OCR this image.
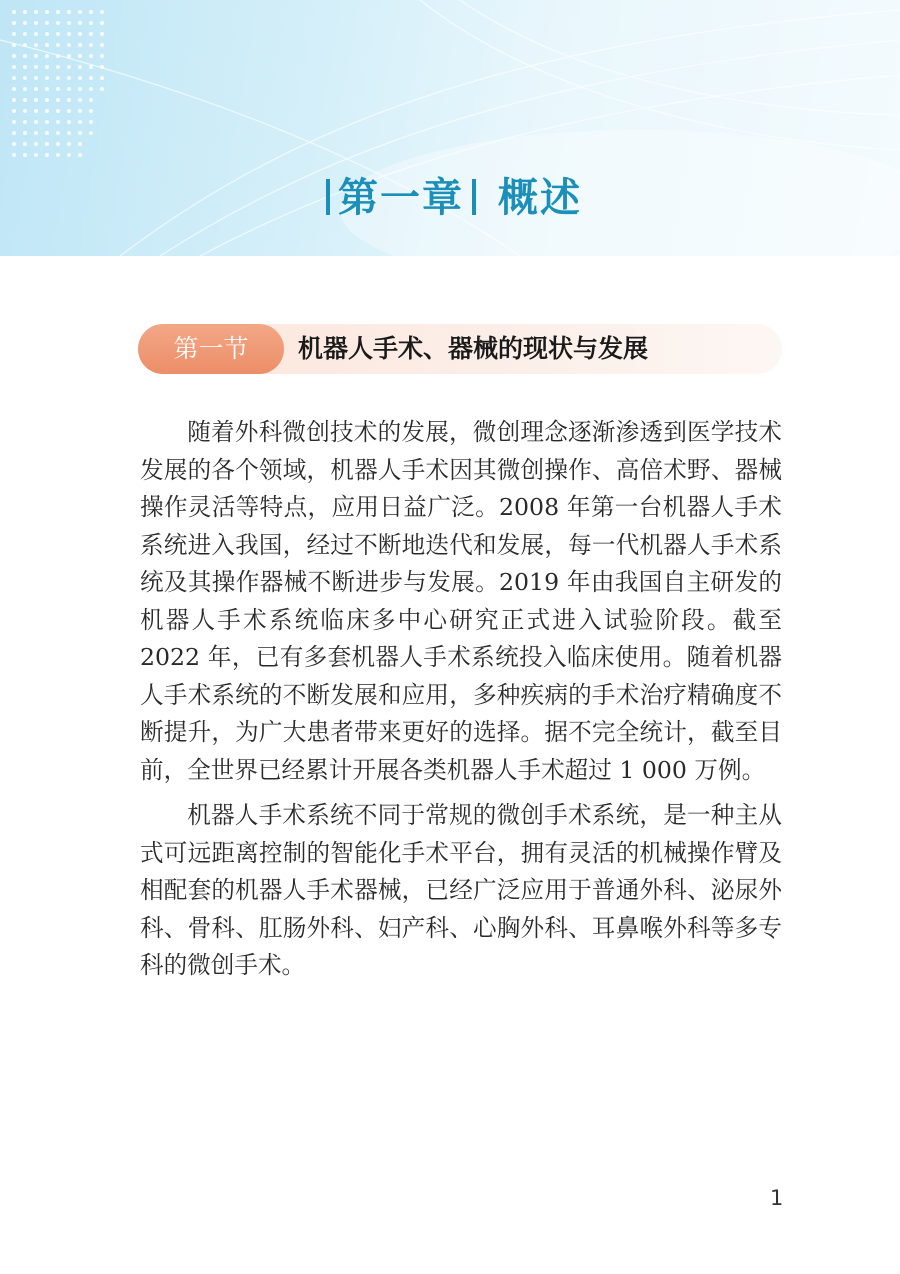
第一章 概述
第一节	机器人手术、器械的现状与发展

随着外科微创技术的发展，微创理念逐渐渗透到医学技术发展的各个领域，机器人手术因其微创操作、高倍术野、器械操作灵活等特点，应用日益广泛。2008 年第一台机器人手术系统进入我国，经过不断地迭代和发展，每一代机器人手术系统及其操作器械不断进步与发展。2019 年由我国自主研发的机器人手术系统临床多中心研究正式进入试验阶段。截至 2022 年，已有多套机器人手术系统投入临床使用。随着机器人手术系统的不断发展和应用，多种疾病的手术治疗精确度不断提升，为广大患者带来更好的选择。据不完全统计，截至目前，全世界已经累计开展各类机器人手术超过 1 000 万例。

机器人手术系统不同于常规的微创手术系统，是一种主从式可远距离控制的智能化手术平台，拥有灵活的机械操作臂及相配套的机器人手术器械，已经广泛应用于普通外科、泌尿外科、骨科、肛肠外科、妇产科、心胸外科、耳鼻喉外科等多专科的微创手术。

1
